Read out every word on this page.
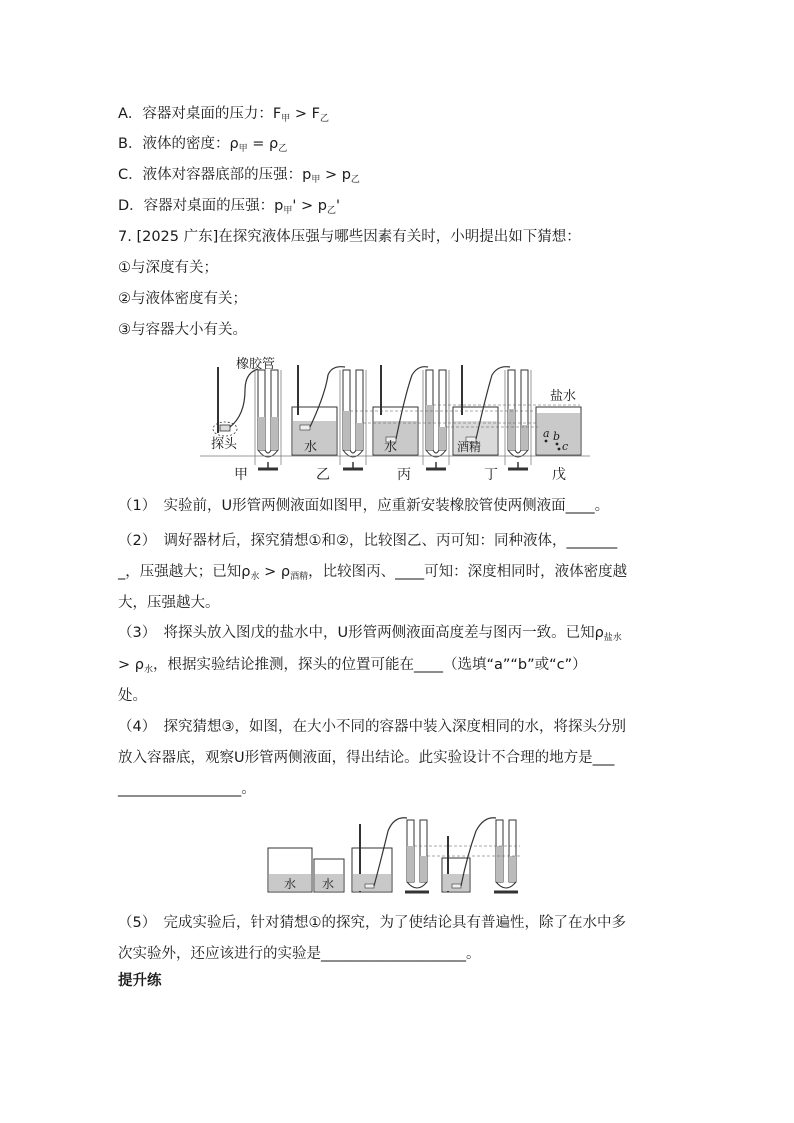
A．容器对桌面的压力：$F_甲 > F_乙$
B．液体的密度：$\rho_甲 = \rho_乙$
C．液体对容器底部的压强：$p_甲 > p_乙$
D．容器对桌面的压强：$p_甲' > p_乙'$
7. [2025 广东]在探究液体压强与哪些因素有关时，小明提出如下猜想：
①与深度有关；
②与液体密度有关；
③与容器大小有关。
橡胶管
探头
甲
水
乙
水
丙
酒精
丁
盐水
a b
c
戊
（1）　实验前，U形管两侧液面如图甲，应重新安装橡胶管使两侧液面____。
（2）　调好器材后，探究猜想①和②，比较图乙、丙可知：同种液体，_______
_，压强越大；已知$\rho_水 > \rho_{酒精}$，比较图丙、____可知：深度相同时，液体密度越
大，压强越大。
（3）　将探头放入图戊的盐水中，U形管两侧液面高度差与图丙一致。已知$\rho_{盐水}$
> $\rho_水$，根据实验结论推测，探头的位置可能在____（选填“a”“b”或“c”）
处。
（4）　探究猜想③，如图，在大小不同的容器中装入深度相同的水，将探头分别
放入容器底，观察U形管两侧液面，得出结论。此实验设计不合理的地方是___
_________________。
水 水
（5）　完成实验后，针对猜想①的探究，为了使结论具有普遍性，除了在水中多
次实验外，还应该进行的实验是____________________。
提升练
